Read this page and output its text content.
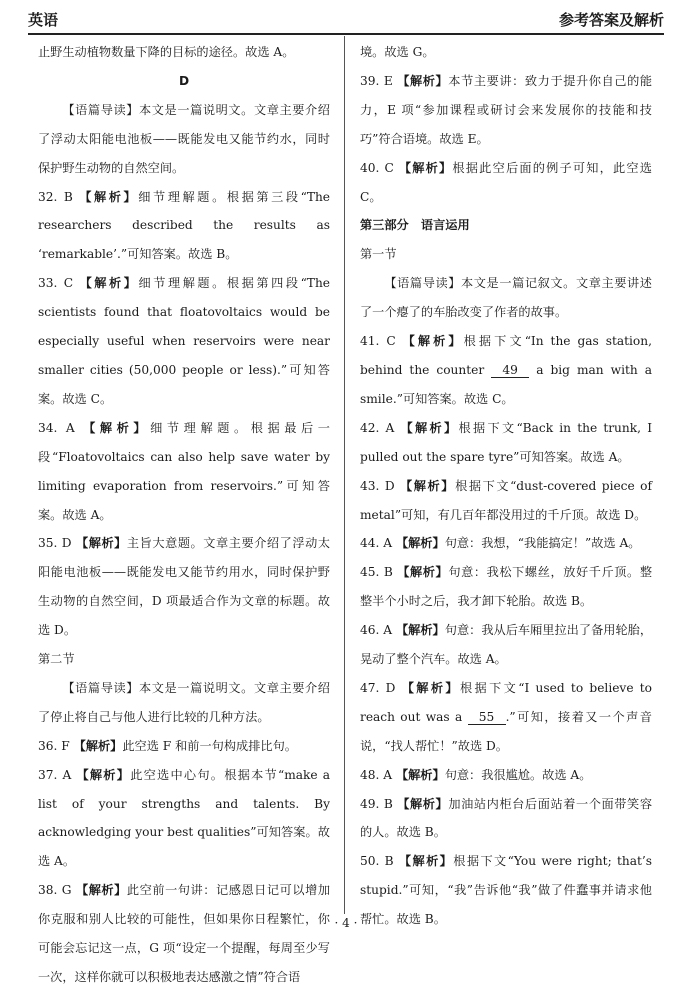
英语	参考答案及解析

止野生动植物数量下降的目标的途径。故选 A。

D

【语篇导读】本文是一篇说明文。文章主要介绍了浮动太阳能电池板——既能发电又能节约水，同时保护野生动物的自然空间。

32. B 【解析】细节理解题。根据第三段“The researchers described the results as ‘remarkable’.”可知答案。故选 B。

33. C 【解析】细节理解题。根据第四段“The scientists found that floatovoltaics would be especially useful when reservoirs were near smaller cities (50,000 people or less).”可知答案。故选 C。

34. A 【解析】细节理解题。根据最后一段“Floatovoltaics can also help save water by limiting evaporation from reservoirs.”可知答案。故选 A。

35. D 【解析】主旨大意题。文章主要介绍了浮动太阳能电池板——既能发电又能节约用水，同时保护野生动物的自然空间，D 项最适合作为文章的标题。故选 D。

第二节

【语篇导读】本文是一篇说明文。文章主要介绍了停止将自己与他人进行比较的几种方法。

36. F 【解析】此空选 F 和前一句构成排比句。

37. A 【解析】此空选中心句。根据本节“make a list of your strengths and talents. By acknowledging your best qualities”可知答案。故选 A。

38. G 【解析】此空前一句讲：记感恩日记可以增加你克服和别人比较的可能性，但如果你日程繁忙，你可能会忘记这一点，G 项“设定一个提醒，每周至少写一次，这样你就可以积极地表达感激之情”符合语

境。故选 G。

39. E 【解析】本节主要讲：致力于提升你自己的能力，E 项“参加课程或研讨会来发展你的技能和技巧”符合语境。故选 E。

40. C 【解析】根据此空后面的例子可知，此空选 C。

第三部分　语言运用

第一节

【语篇导读】本文是一篇记叙文。文章主要讲述了一个瘪了的车胎改变了作者的故事。

41. C 【解析】根据下文“In the gas station, behind the counter 49 a big man with a smile.”可知答案。故选 C。

42. A 【解析】根据下文“Back in the trunk, I pulled out the spare tyre”可知答案。故选 A。

43. D 【解析】根据下文“dust-covered piece of metal”可知，有几百年都没用过的千斤顶。故选 D。

44. A 【解析】句意：我想，“我能搞定！”故选 A。

45. B 【解析】句意：我松下螺丝，放好千斤顶。整整半个小时之后，我才卸下轮胎。故选 B。

46. A 【解析】句意：我从后车厢里拉出了备用轮胎，晃动了整个汽车。故选 A。

47. D 【解析】根据下文“I used to believe to reach out was a 55 .”可知，接着又一个声音说，“找人帮忙！”故选 D。

48. A 【解析】句意：我很尴尬。故选 A。

49. B 【解析】加油站内柜台后面站着一个面带笑容的人。故选 B。

50. B 【解析】根据下文“You were right; that’s stupid.”可知，“我”告诉他“我”做了件蠢事并请求他帮忙。故选 B。

· 4 ·
